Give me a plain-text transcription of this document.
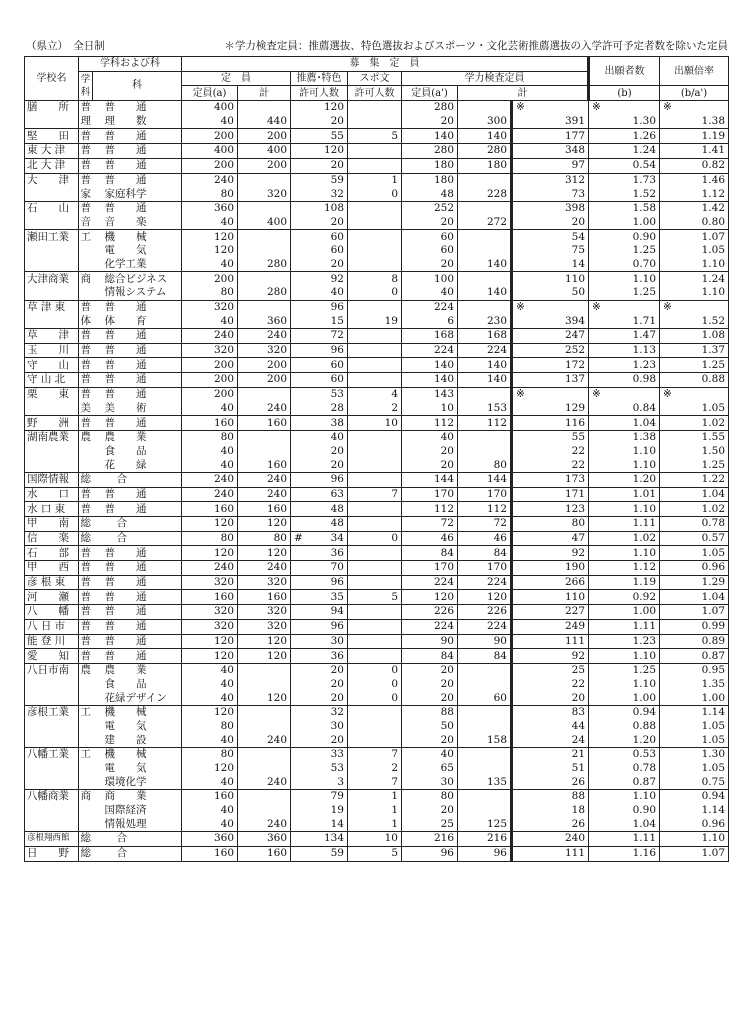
（県立）　全日制	＊学力検査定員：推薦選抜、特色選抜およびスポーツ・文化芸術推薦選抜の入学許可予定者数を除いた定員
学校名	学科および科		募　集　定　員							出願者数	出願倍率	
	学科	科	定　員		推薦･特色	スポ文	学力検査定員	
			定員(a)	計	許可人数	許可人数	定員(a')	計		(b)	(b/a')	
膳　　所	普	普　　通	400		120		280		※	※	※	
	理	理　　数	40	440	20		20	300	391	1.30	1.38	
堅　　田	普	普　　通	200	200	55	5	140	140	177	1.26	1.19	
東 大 津	普	普　　通	400	400	120		280	280	348	1.24	1.41	
北 大 津	普	普　　通	200	200	20		180	180	97	0.54	0.82	
大　　津	普	普　　通	240		59	1	180		312	1.73	1.46	
	家	家庭科学	80	320	32	0	48	228	73	1.52	1.12	
石　　山	普	普　　通	360		108		252		398	1.58	1.42	
	音	音　　楽	40	400	20		20	272	20	1.00	0.80	
瀬田工業	工	機　　械	120		60		60		54	0.90	1.07	
		電　　気	120		60		60		75	1.25	1.05	
		化学工業	40	280	20		20	140	14	0.70	1.10	
大津商業	商	総合ビジネス	200		92	8	100		110	1.10	1.24	
		情報システム	80	280	40	0	40	140	50	1.25	1.10	
草 津 東	普	普　　通	320		96		224		※	※	※	
	体	体　　育	40	360	15	19	6	230	394	1.71	1.52	
草　　津	普	普　　通	240	240	72		168	168	247	1.47	1.08	
玉　　川	普	普　　通	320	320	96		224	224	252	1.13	1.37	
守　　山	普	普　　通	200	200	60		140	140	172	1.23	1.25	
守 山 北	普	普　　通	200	200	60		140	140	137	0.98	0.88	
栗　　東	普	普　　通	200		53	4	143		※	※	※	
	美	美　　術	40	240	28	2	10	153	129	0.84	1.05	
野　　洲	普	普　　通	160	160	38	10	112	112	116	1.04	1.02	
湖南農業	農	農　　業	80		40		40		55	1.38	1.55	
		食　　品	40		20		20		22	1.10	1.50	
		花　　緑	40	160	20		20	80	22	1.10	1.25	
国際情報	総	合	240	240	96		144	144	173	1.20	1.22	
水　　口	普	普　　通	240	240	63	7	170	170	171	1.01	1.04	
水 口 東	普	普　　通	160	160	48		112	112	123	1.10	1.02	
甲　　南	総	合	120	120	48		72	72	80	1.11	0.78	
信　　楽	総	合	80	80	# 34	0	46	46	47	1.02	0.57	
石　　部	普	普　　通	120	120	36		84	84	92	1.10	1.05	
甲　　西	普	普　　通	240	240	70		170	170	190	1.12	0.96	
彦 根 東	普	普　　通	320	320	96		224	224	266	1.19	1.29	
河　　瀬	普	普　　通	160	160	35	5	120	120	110	0.92	1.04	
八　　幡	普	普　　通	320	320	94		226	226	227	1.00	1.07	
八 日 市	普	普　　通	320	320	96		224	224	249	1.11	0.99	
能 登 川	普	普　　通	120	120	30		90	90	111	1.23	0.89	
愛　　知	普	普　　通	120	120	36		84	84	92	1.10	0.87	
八日市南	農	農　　業	40		20	0	20		25	1.25	0.95	
		食　　品	40		20	0	20		22	1.10	1.35	
		花緑デザイン	40	120	20	0	20	60	20	1.00	1.00	
彦根工業	工	機　　械	120		32		88		83	0.94	1.14	
		電　　気	80		30		50		44	0.88	1.05	
		建　　設	40	240	20		20	158	24	1.20	1.05	
八幡工業	工	機　　械	80		33	7	40		21	0.53	1.30	
		電　　気	120		53	2	65		51	0.78	1.05	
		環境化学	40	240	3	7	30	135	26	0.87	0.75	
八幡商業	商	商　　業	160		79	1	80		88	1.10	0.94	
		国際経済	40		19	1	20		18	0.90	1.14	
		情報処理	40	240	14	1	25	125	26	1.04	0.96	
彦根翔西館	総	合	360	360	134	10	216	216	240	1.11	1.10	
日　　野	総	合	160	160	59	5	96	96	111	1.16	1.07	
